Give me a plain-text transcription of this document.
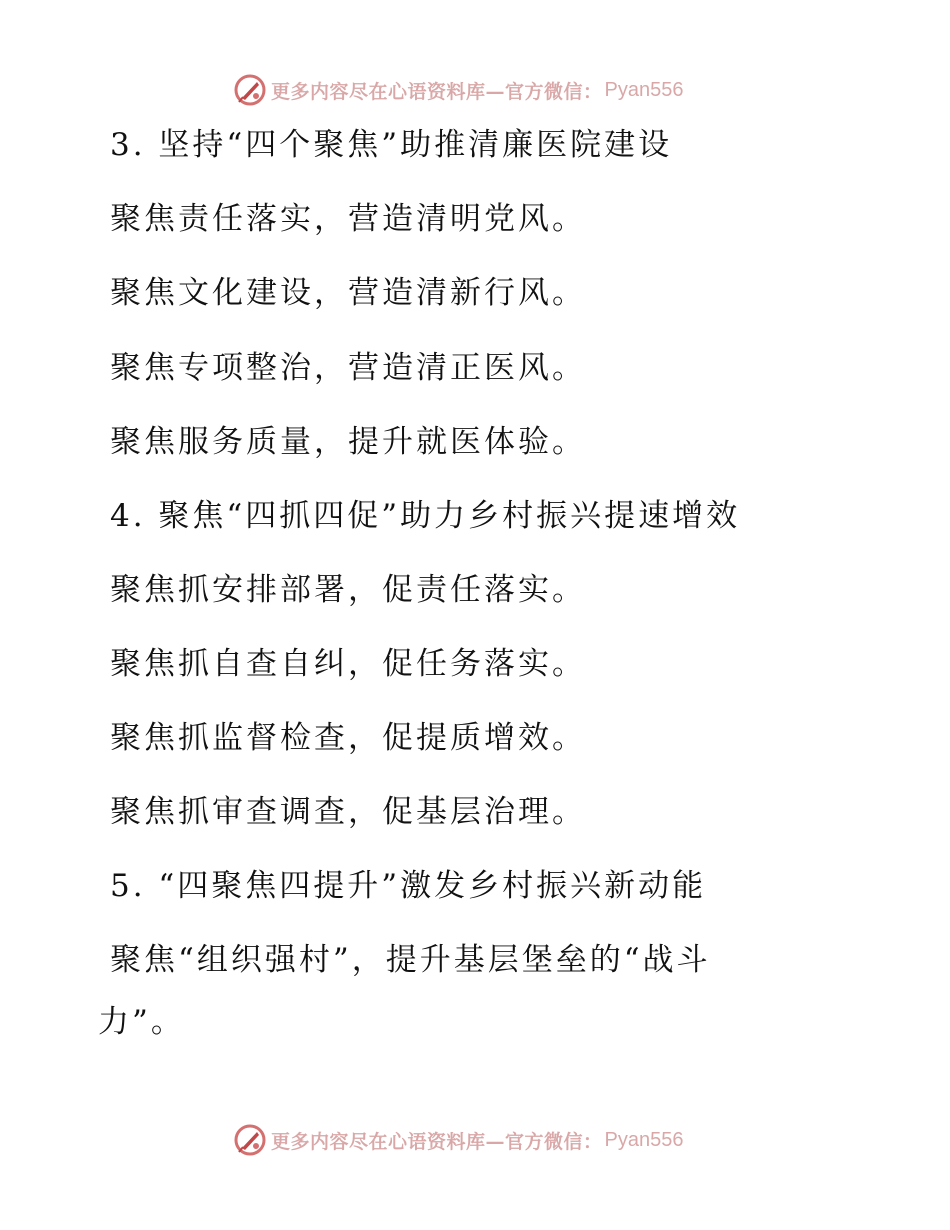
更多内容尽在心语资料库—官方微信： Pyan556
3. 坚持“四个聚焦”助推清廉医院建设
聚焦责任落实，营造清明党风。
聚焦文化建设，营造清新行风。
聚焦专项整治，营造清正医风。
聚焦服务质量，提升就医体验。
4. 聚焦“四抓四促”助力乡村振兴提速增效
聚焦抓安排部署，促责任落实。
聚焦抓自查自纠，促任务落实。
聚焦抓监督检查，促提质增效。
聚焦抓审查调查，促基层治理。
5. “四聚焦四提升”激发乡村振兴新动能
聚焦“组织强村”，提升基层堡垒的“战斗
力”。
更多内容尽在心语资料库—官方微信： Pyan556
